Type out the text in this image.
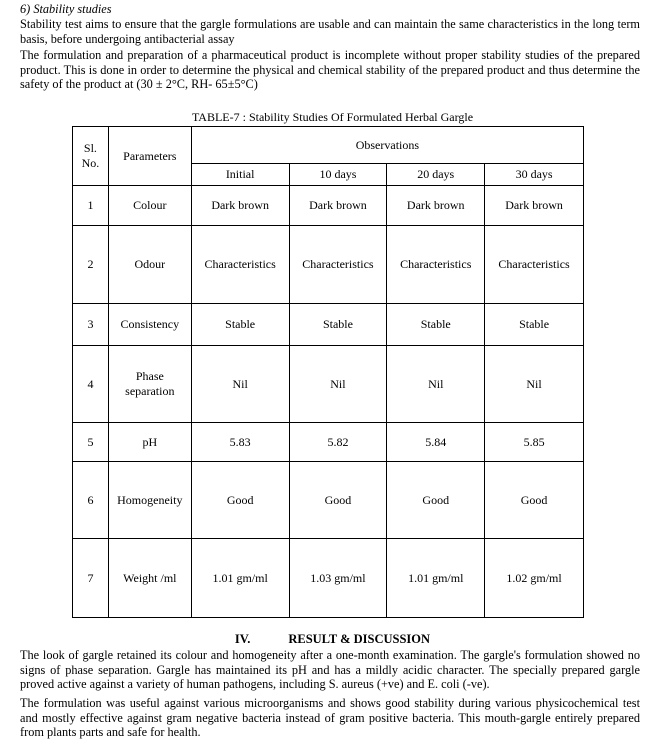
6) Stability studies
Stability test aims to ensure that the gargle formulations are usable and can maintain the same characteristics in the long term basis, before undergoing antibacterial assay
The formulation and preparation of a pharmaceutical product is incomplete without proper stability studies of the prepared product. This is done in order to determine the physical and chemical stability of the prepared product and thus determine the safety of the product at (30 ± 2°C, RH- 65±5°C)
TABLE-7 : Stability Studies Of Formulated Herbal Gargle
Sl.
No.	Parameters	Observations			
		Initial	10 days	20 days	30 days
1	Colour	Dark brown	Dark brown	Dark brown	Dark brown
2	Odour	Characteristics	Characteristics	Characteristics	Characteristics
3	Consistency	Stable	Stable	Stable	Stable
4	Phase
separation	Nil	Nil	Nil	Nil
5	pH	5.83	5.82	5.84	5.85
6	Homogeneity	Good	Good	Good	Good
7	Weight /ml	1.01 gm/ml	1.03 gm/ml	1.01 gm/ml	1.02 gm/ml
IV.	RESULT & DISCUSSION
The look of gargle retained its colour and homogeneity after a one-month examination. The gargle's formulation showed no signs of phase separation. Gargle has maintained its pH and has a mildly acidic character. The specially prepared gargle proved active against a variety of human pathogens, including S. aureus (+ve) and E. coli (-ve).
The formulation was useful against various microorganisms and shows good stability during various physicochemical test and mostly effective against gram negative bacteria instead of gram positive bacteria. This mouth-gargle entirely prepared from plants parts and safe for health.
